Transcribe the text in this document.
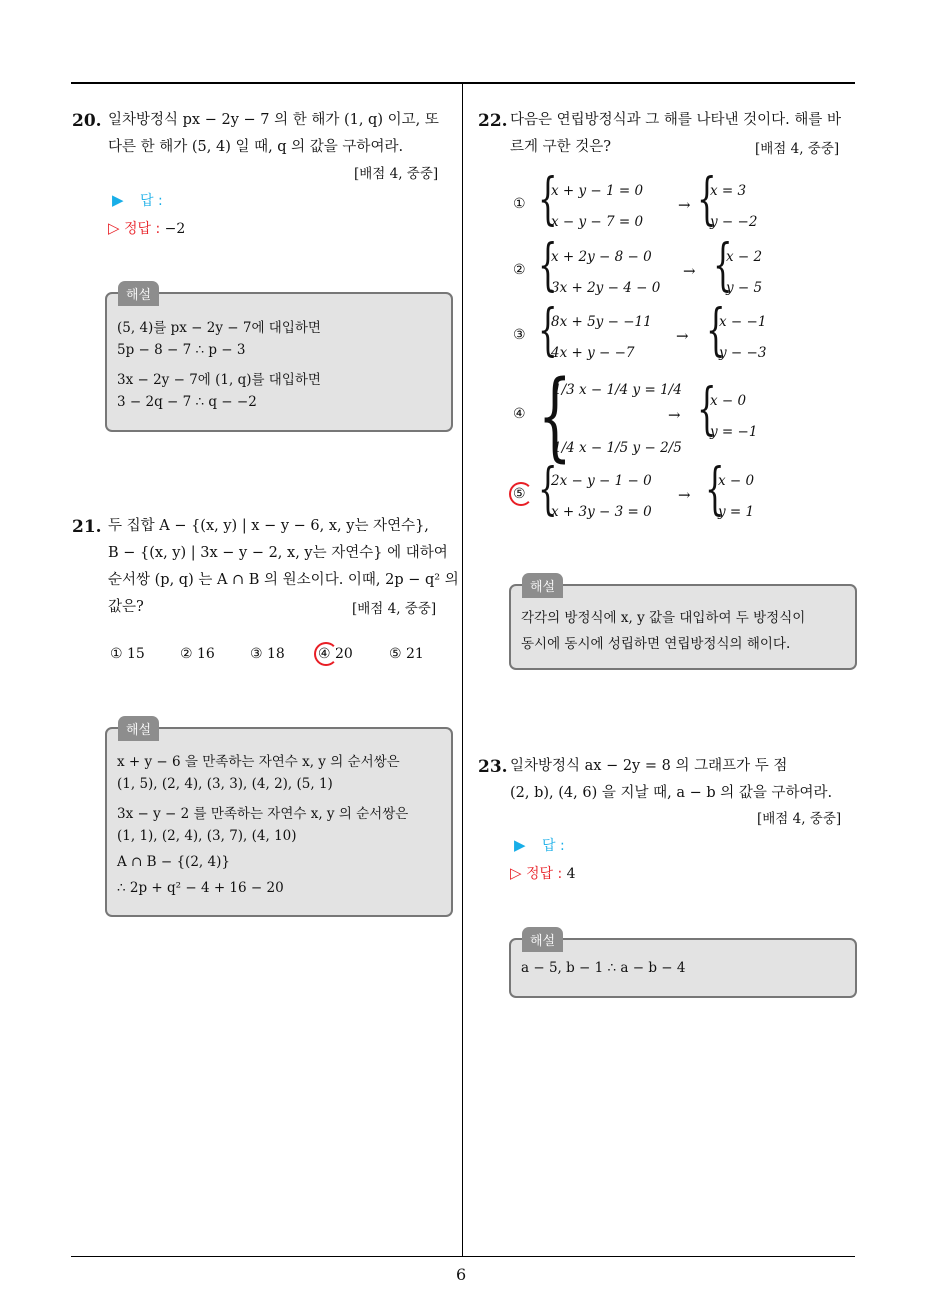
6
20. 일차방정식 px − 2y − 7 의 한 해가 (1, q) 이고, 또
다른 한 해가 (5, 4) 일 때, q 의 값을 구하여라.
[배점 4, 중중]
▶ 답 :
▷ 정답 : −2
해설
(5, 4)를 px − 2y − 7에 대입하면
5p − 8 − 7 ∴ p − 3
3x − 2y − 7에 (1, q)를 대입하면
3 − 2q − 7 ∴ q − −2
21. 두 집합 A − {(x, y) | x − y − 6, x, y는 자연수},
B − {(x, y) | 3x − y − 2, x, y는 자연수} 에 대하여
순서쌍 (p, q) 는 A ∩ B 의 원소이다. 이때, 2p − q² 의
값은?	[배점 4, 중중]
① 15	② 16	③ 18 ④ 20	⑤ 21
해설
x + y − 6 을 만족하는 자연수 x, y 의 순서쌍은
(1, 5), (2, 4), (3, 3), (4, 2), (5, 1)
3x − y − 2 를 만족하는 자연수 x, y 의 순서쌍은
(1, 1), (2, 4), (3, 7), (4, 10)
A ∩ B − {(2, 4)}
∴ 2p + q² − 4 + 16 − 20
22. 다음은 연립방정식과 그 해를 나타낸 것이다. 해를 바
르게 구한 것은?	[배점 4, 중중]
① {
x + y − 1 = 0
x − y − 7 = 0
→ {
x = 3
y − −2
② {
x + 2y − 8 − 0
3x + 2y − 4 − 0
→ {
x − 2
y − 5
③ {
8x + 5y − −11
4x + y − −7
→ {
x − −1
y − −3
④ {
1/3 x − 1/4 y = 1/4
1/4 x − 1/5 y − 2/5
→ {
x − 0
y = −1
⑤ {
2x − y − 1 − 0
x + 3y − 3 = 0
→ {
x − 0
y = 1
해설
각각의 방정식에 x, y 값을 대입하여 두 방정식이
동시에 동시에 성립하면 연립방정식의 해이다.
23. 일차방정식 ax − 2y = 8 의 그래프가 두 점
(2, b), (4, 6) 을 지날 때, a − b 의 값을 구하여라.
[배점 4, 중중]
▶ 답 :
▷ 정답 : 4
해설
a − 5, b − 1 ∴ a − b − 4
